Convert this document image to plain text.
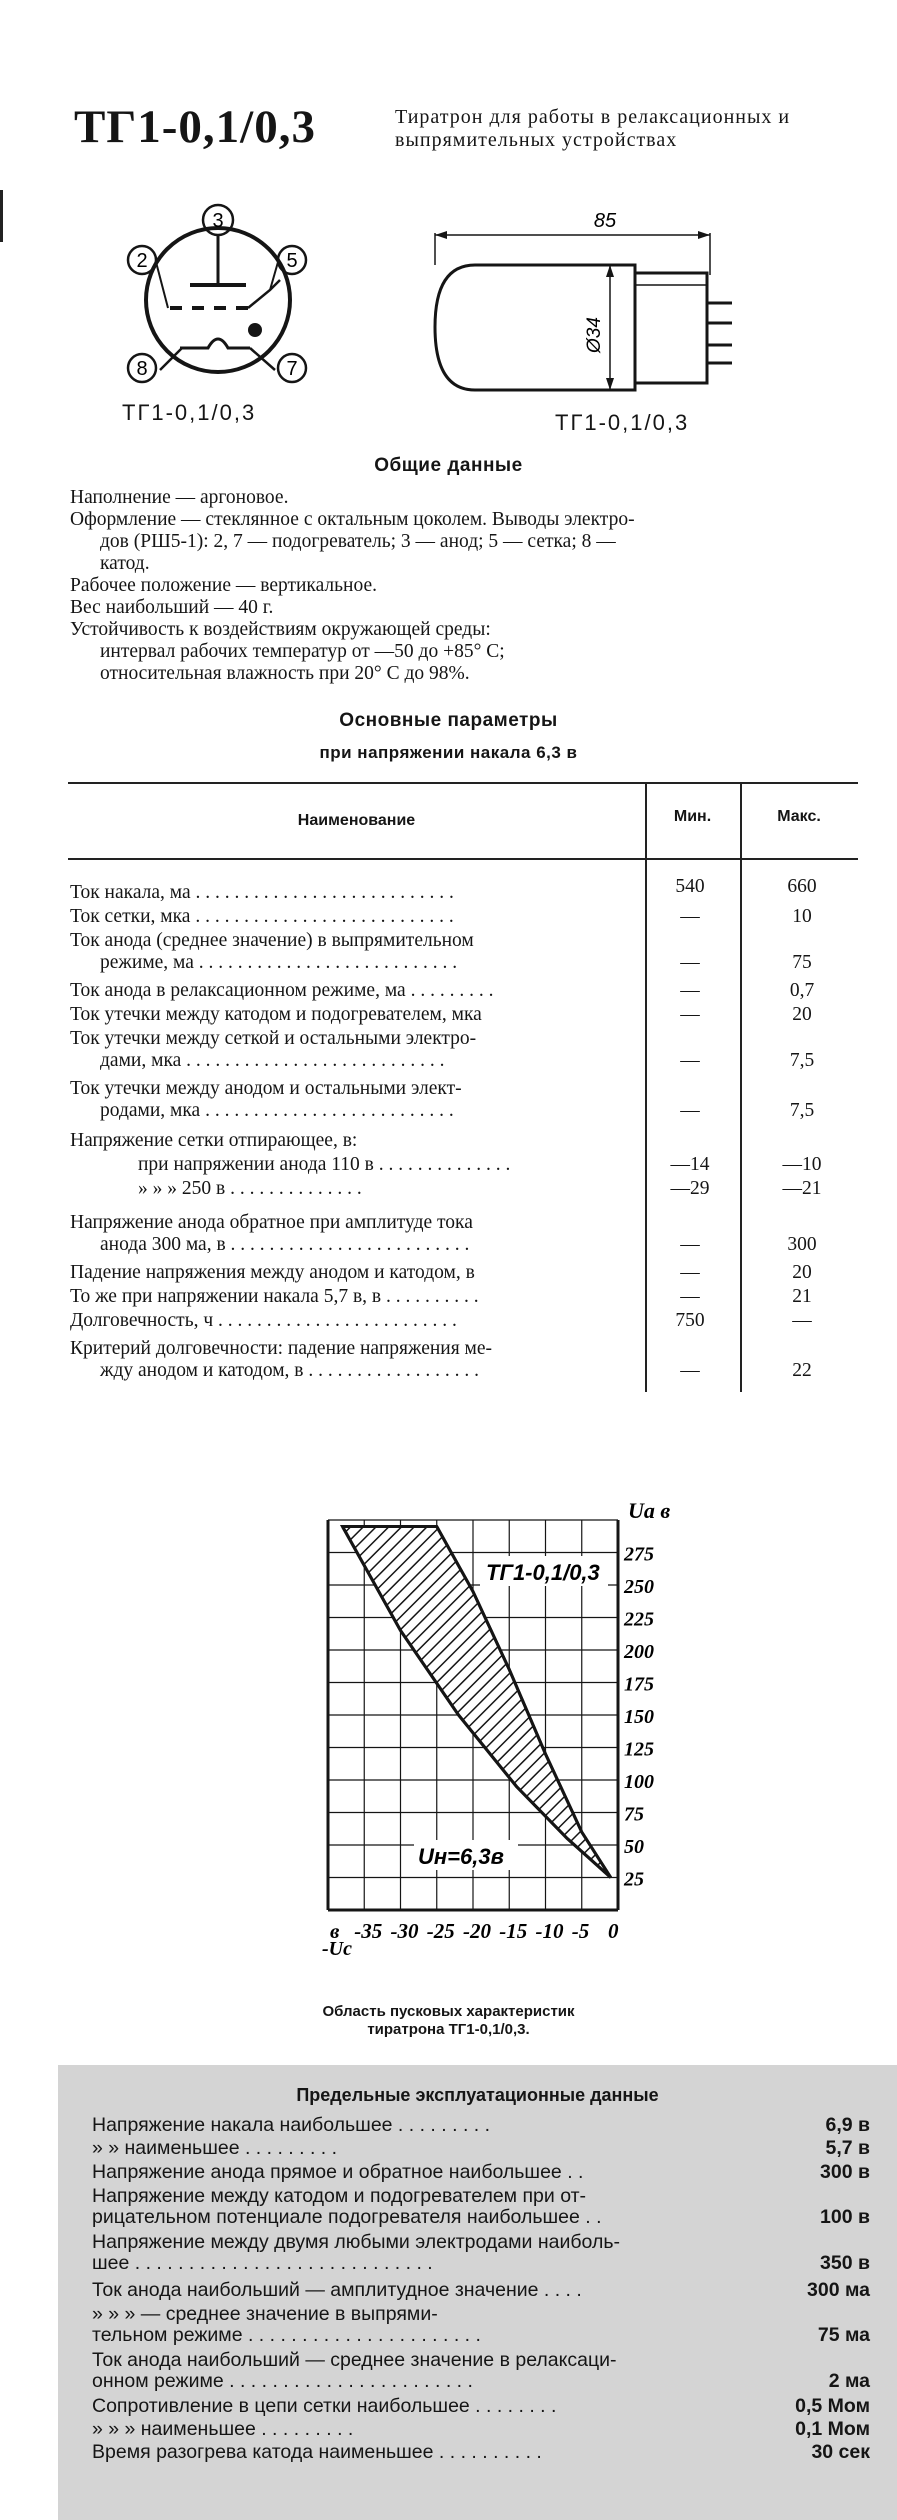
ТГ1-0,1/0,3	Тиратрон для работы в релаксационных и выпрямительных устройствах
3
2	5
8	7
ТГ1-0,1/0,3
85
Ø34
ТГ1-0,1/0,3
Общие данные
Наполнение — аргоновое.
Оформление — стеклянное с октальным цоколем. Выводы электро-
дов (РШ5-1): 2, 7 — подогреватель; 3 — анод; 5 — сетка; 8 —
катод.
Рабочее положение — вертикальное.
Вес наибольший — 40 г.
Устойчивость к воздействиям окружающей среды:
интервал рабочих температур от —50 до +85° С;
относительная влажность при 20° С до 98%.
Основные параметры
при напряжении накала 6,3 в
Наименование	Мин.	Макс.
Ток накала, ма . . . . . . . . . . . . . . . . . . . . . . . . . . .	540	660
Ток сетки, мка . . . . . . . . . . . . . . . . . . . . . . . . . . .	—	10
Ток анода (среднее значение) в выпрямительном
режиме, ма . . . . . . . . . . . . . . . . . . . . . . . . . . .	—	75
Ток анода в релаксационном режиме, ма . . . . . . . . .	—	0,7
Ток утечки между катодом и подогревателем, мка	—	20
Ток утечки между сеткой и остальными электро-
дами, мка . . . . . . . . . . . . . . . . . . . . . . . . . . .	—	7,5
Ток утечки между анодом и остальными элект-
родами, мка . . . . . . . . . . . . . . . . . . . . . . . . . .	—	7,5
Напряжение сетки отпирающее, в:
при напряжении анода 110 в . . . . . . . . . . . . . .	—14	—10
» » » 250 в . . . . . . . . . . . . . .	—29	—21
Напряжение анода обратное при амплитуде тока
анода 300 ма, в . . . . . . . . . . . . . . . . . . . . . . . . .	—	300
Падение напряжения между анодом и катодом, в	—	20
То же при напряжении накала 5,7 в, в . . . . . . . . . .	—	21
Долговечность, ч . . . . . . . . . . . . . . . . . . . . . . . . .	750	—
Критерий долговечности: падение напряжения ме-
жду анодом и катодом, в . . . . . . . . . . . . . . . . . .	—	22
25
50
75
100
125
150
175
200
225
250
275
в -35 -30 -25 -20 -15 -10 -5 0
Uа в
-Uс
ТГ1-0,1/0,3
Uн=6,3в
Область пусковых характеристик
тиратрона ТГ1-0,1/0,3.
Предельные эксплуатационные данные
Напряжение накала наибольшее . . . . . . . . .	6,9 в
» » наименьшее . . . . . . . . .	5,7 в
Напряжение анода прямое и обратное наибольшее . .	300 в
Напряжение между катодом и подогревателем при от-
рицательном потенциале подогревателя наибольшее . .	100 в
Напряжение между двумя любыми электродами наиболь-
шее . . . . . . . . . . . . . . . . . . . . . . . . . . . .	350 в
Ток анода наибольший — амплитудное значение . . . .	300 ма
» » » — среднее значение в выпрями-
тельном режиме . . . . . . . . . . . . . . . . . . . . . .	75 ма
Ток анода наибольший — среднее значение в релаксаци-
онном режиме . . . . . . . . . . . . . . . . . . . . . . .	2 ма
Сопротивление в цепи сетки наибольшее . . . . . . . .	0,5 Мом
» » » наименьшее . . . . . . . . .	0,1 Мом
Время разогрева катода наименьшее . . . . . . . . . .	30 сек
